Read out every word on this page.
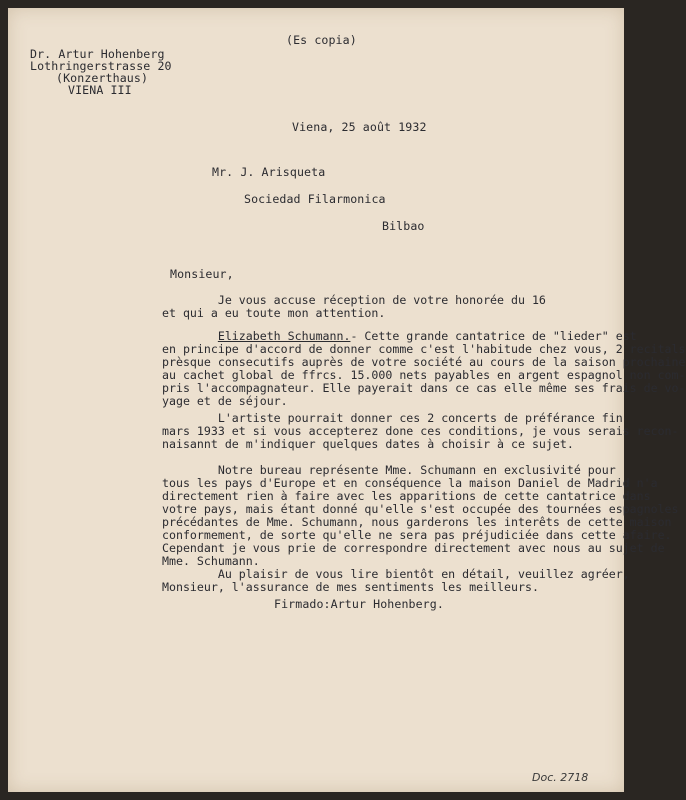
(Es copia)
Dr. Artur Hohenberg
Lothringerstrasse 20
(Konzerthaus)
VIENA III
Viena, 25 août 1932
Mr. J. Arisqueta
Sociedad Filarmonica
Bilbao
Monsieur,
Je vous accuse réception de votre honorée du 16
et qui a eu toute mon attention.
Elizabeth Schumann.- Cette grande cantatrice de "lieder" est
en principe d'accord de donner comme c'est l'habitude chez vous, 2 recitals
prèsque consecutifs auprès de votre société au cours de la saison prochaine
au cachet global de ffrcs. 15.000 nets payables en argent espagnol non com-
pris l'accompagnateur. Elle payerait dans ce cas elle même ses frais de vo-
yage et de séjour.
L'artiste pourrait donner ces 2 concerts de préférance fin
mars 1933 et si vous accepterez done ces conditions, je vous serais recon-
naisannt de m'indiquer quelques dates à choisir à ce sujet.
Notre bureau représente Mme. Schumann en exclusivité pour
tous les pays d'Europe et en conséquence la maison Daniel de Madrid n'a
directement rien à faire avec les apparitions de cette cantatrice dans
votre pays, mais étant donné qu'elle s'est occupée des tournées espagnoles
précédantes de Mme. Schumann, nous garderons les interêts de cette maison
conformement, de sorte qu'elle ne sera pas préjudiciée dans cette afaire.
Cependant je vous prie de correspondre directement avec nous au sujet de
Mme. Schumann.
Au plaisir de vous lire bientôt en détail, veuillez agréer,
Monsieur, l'assurance de mes sentiments les meilleurs.
Firmado:Artur Hohenberg.
Doc. 2718
